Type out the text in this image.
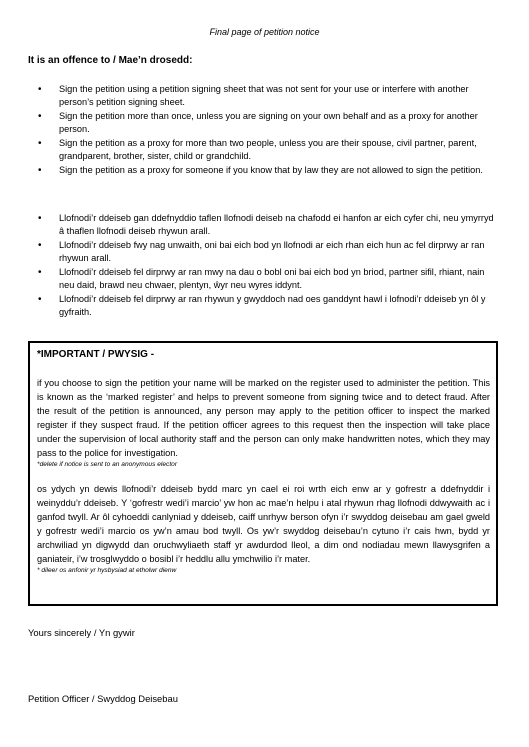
Final page of petition notice
It is an offence to / Mae’n drosedd:
• Sign the petition using a petition signing sheet that was not sent for your use or interfere with another person’s petition signing sheet.
• Sign the petition more than once, unless you are signing on your own behalf and as a proxy for another person.
• Sign the petition as a proxy for more than two people, unless you are their spouse, civil partner, parent, grandparent, brother, sister, child or grandchild.
• Sign the petition as a proxy for someone if you know that by law they are not allowed to sign the petition.
• Llofnodi’r ddeiseb gan ddefnyddio taflen llofnodi deiseb na chafodd ei hanfon ar eich cyfer chi, neu ymyrryd â thaflen llofnodi deiseb rhywun arall.
• Llofnodi’r ddeiseb fwy nag unwaith, oni bai eich bod yn llofnodi ar eich rhan eich hun ac fel dirprwy ar ran rhywun arall.
• Llofnodi’r ddeiseb fel dirprwy ar ran mwy na dau o bobl oni bai eich bod yn briod, partner sifil, rhiant, nain neu daid, brawd neu chwaer, plentyn, ŵyr neu wyres iddynt.
• Llofnodi’r ddeiseb fel dirprwy ar ran rhywun y gwyddoch nad oes ganddynt hawl i lofnodi’r ddeiseb yn ôl y gyfraith.

*IMPORTANT / PWYSIG -

if you choose to sign the petition your name will be marked on the register used to administer the petition. This is known as the ‘marked register’ and helps to prevent someone from signing twice and to detect fraud. After the result of the petition is announced, any person may apply to the petition officer to inspect the marked register if they suspect fraud. If the petition officer agrees to this request then the inspection will take place under the supervision of local authority staff and the person can only make handwritten notes, which they may pass to the police for investigation.

*delete if notice is sent to an anonymous elector

os ydych yn dewis llofnodi’r ddeiseb bydd marc yn cael ei roi wrth eich enw ar y gofrestr a ddefnyddir i weinyddu’r ddeiseb. Y ‘gofrestr wedi’i marcio’ yw hon ac mae’n helpu i atal rhywun rhag llofnodi ddwywaith ac i ganfod twyll. Ar ôl cyhoeddi canlyniad y ddeiseb, caiff unrhyw berson ofyn i’r swyddog deisebau am gael gweld y gofrestr wedi’i marcio os yw’n amau bod twyll. Os yw’r swyddog deisebau’n cytuno i’r cais hwn, bydd yr archwiliad yn digwydd dan oruchwyliaeth staff yr awdurdod lleol, a dim ond nodiadau mewn llawysgrifen a ganiateir, i’w trosglwyddo o bosibl i’r heddlu allu ymchwilio i’r mater.

* dileer os anfonir yr hysbysiad at etholwr dienw

Yours sincerely / Yn gywir
Petition Officer / Swyddog Deisebau
